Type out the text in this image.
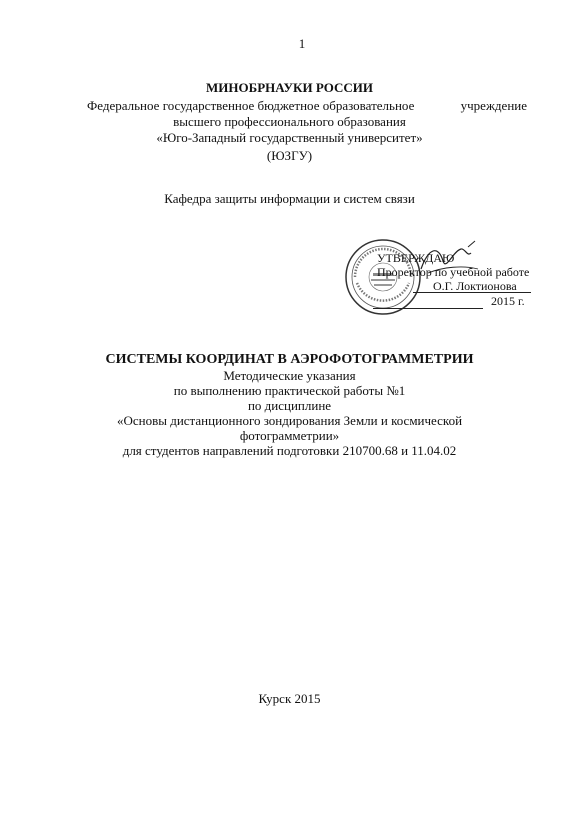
1
МИНОБРНАУКИ РОССИИ
Федеральное государственное бюджетное образовательное	учреждение
высшего профессионального образования
«Юго-Западный государственный университет»
(ЮЗГУ)
Кафедра защиты информации и систем связи
УТВЕРЖДАЮ
Проректор по учебной работе
О.Г. Локтионова
2015 г.
СИСТЕМЫ КООРДИНАТ В АЭРОФОТОГРАММЕТРИИ
Методические указания
по выполнению практической работы №1
по дисциплине
«Основы дистанционного зондирования Земли и космической
фотограмметрии»
для студентов направлений подготовки 210700.68 и 11.04.02
Курск 2015
